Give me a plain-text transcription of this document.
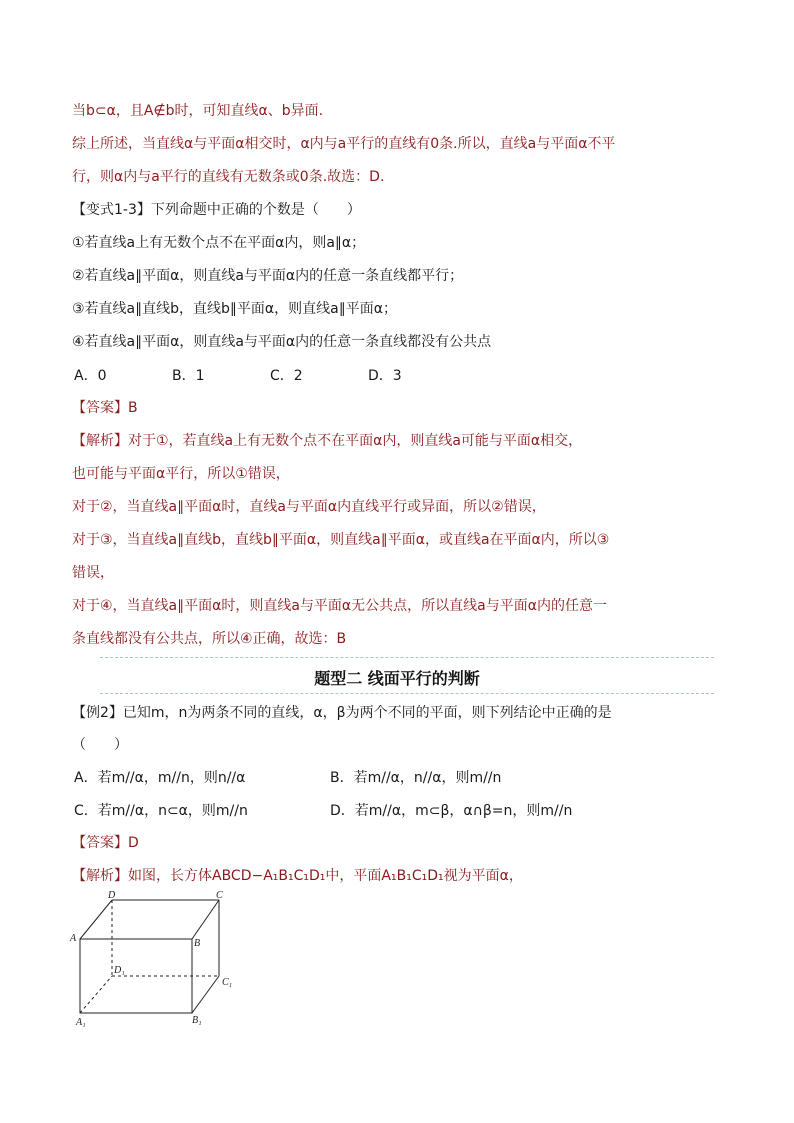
当b⊂α，且A∉b时，可知直线α、b异面.
综上所述，当直线α与平面α相交时，α内与a平行的直线有0条.所以，直线a与平面α不平
行，则α内与a平行的直线有无数条或0条.故选：D.
【变式1-3】下列命题中正确的个数是（　　）
①若直线a上有无数个点不在平面α内，则a∥α；
②若直线a∥平面α，则直线a与平面α内的任意一条直线都平行；
③若直线a∥直线b，直线b∥平面α，则直线a∥平面α；
④若直线a∥平面α，则直线a与平面α内的任意一条直线都没有公共点
A．0	B．1	C．2	D．3
【答案】B
【解析】对于①，若直线a上有无数个点不在平面α内，则直线a可能与平面α相交，
也可能与平面α平行，所以①错误，
对于②，当直线a∥平面α时，直线a与平面α内直线平行或异面，所以②错误，
对于③，当直线a∥直线b，直线b∥平面α，则直线a∥平面α，或直线a在平面α内，所以③
错误，
对于④，当直线a∥平面α时，则直线a与平面α无公共点，所以直线a与平面α内的任意一
条直线都没有公共点，所以④正确，故选：B
题型二 线面平行的判断
【例2】已知m，n为两条不同的直线，α，β为两个不同的平面，则下列结论中正确的是
（　　）
A．若m//α，m//n，则n//α	B．若m//α，n//α，则m//n
C．若m//α，n⊂α，则m//n	D．若m//α，m⊂β，α∩β=n，则m//n
【答案】D
【解析】如图，长方体ABCD−A₁B₁C₁D₁中，平面A₁B₁C₁D₁视为平面α，
D	C
A	B
D₁
C₁
A₁	B₁
